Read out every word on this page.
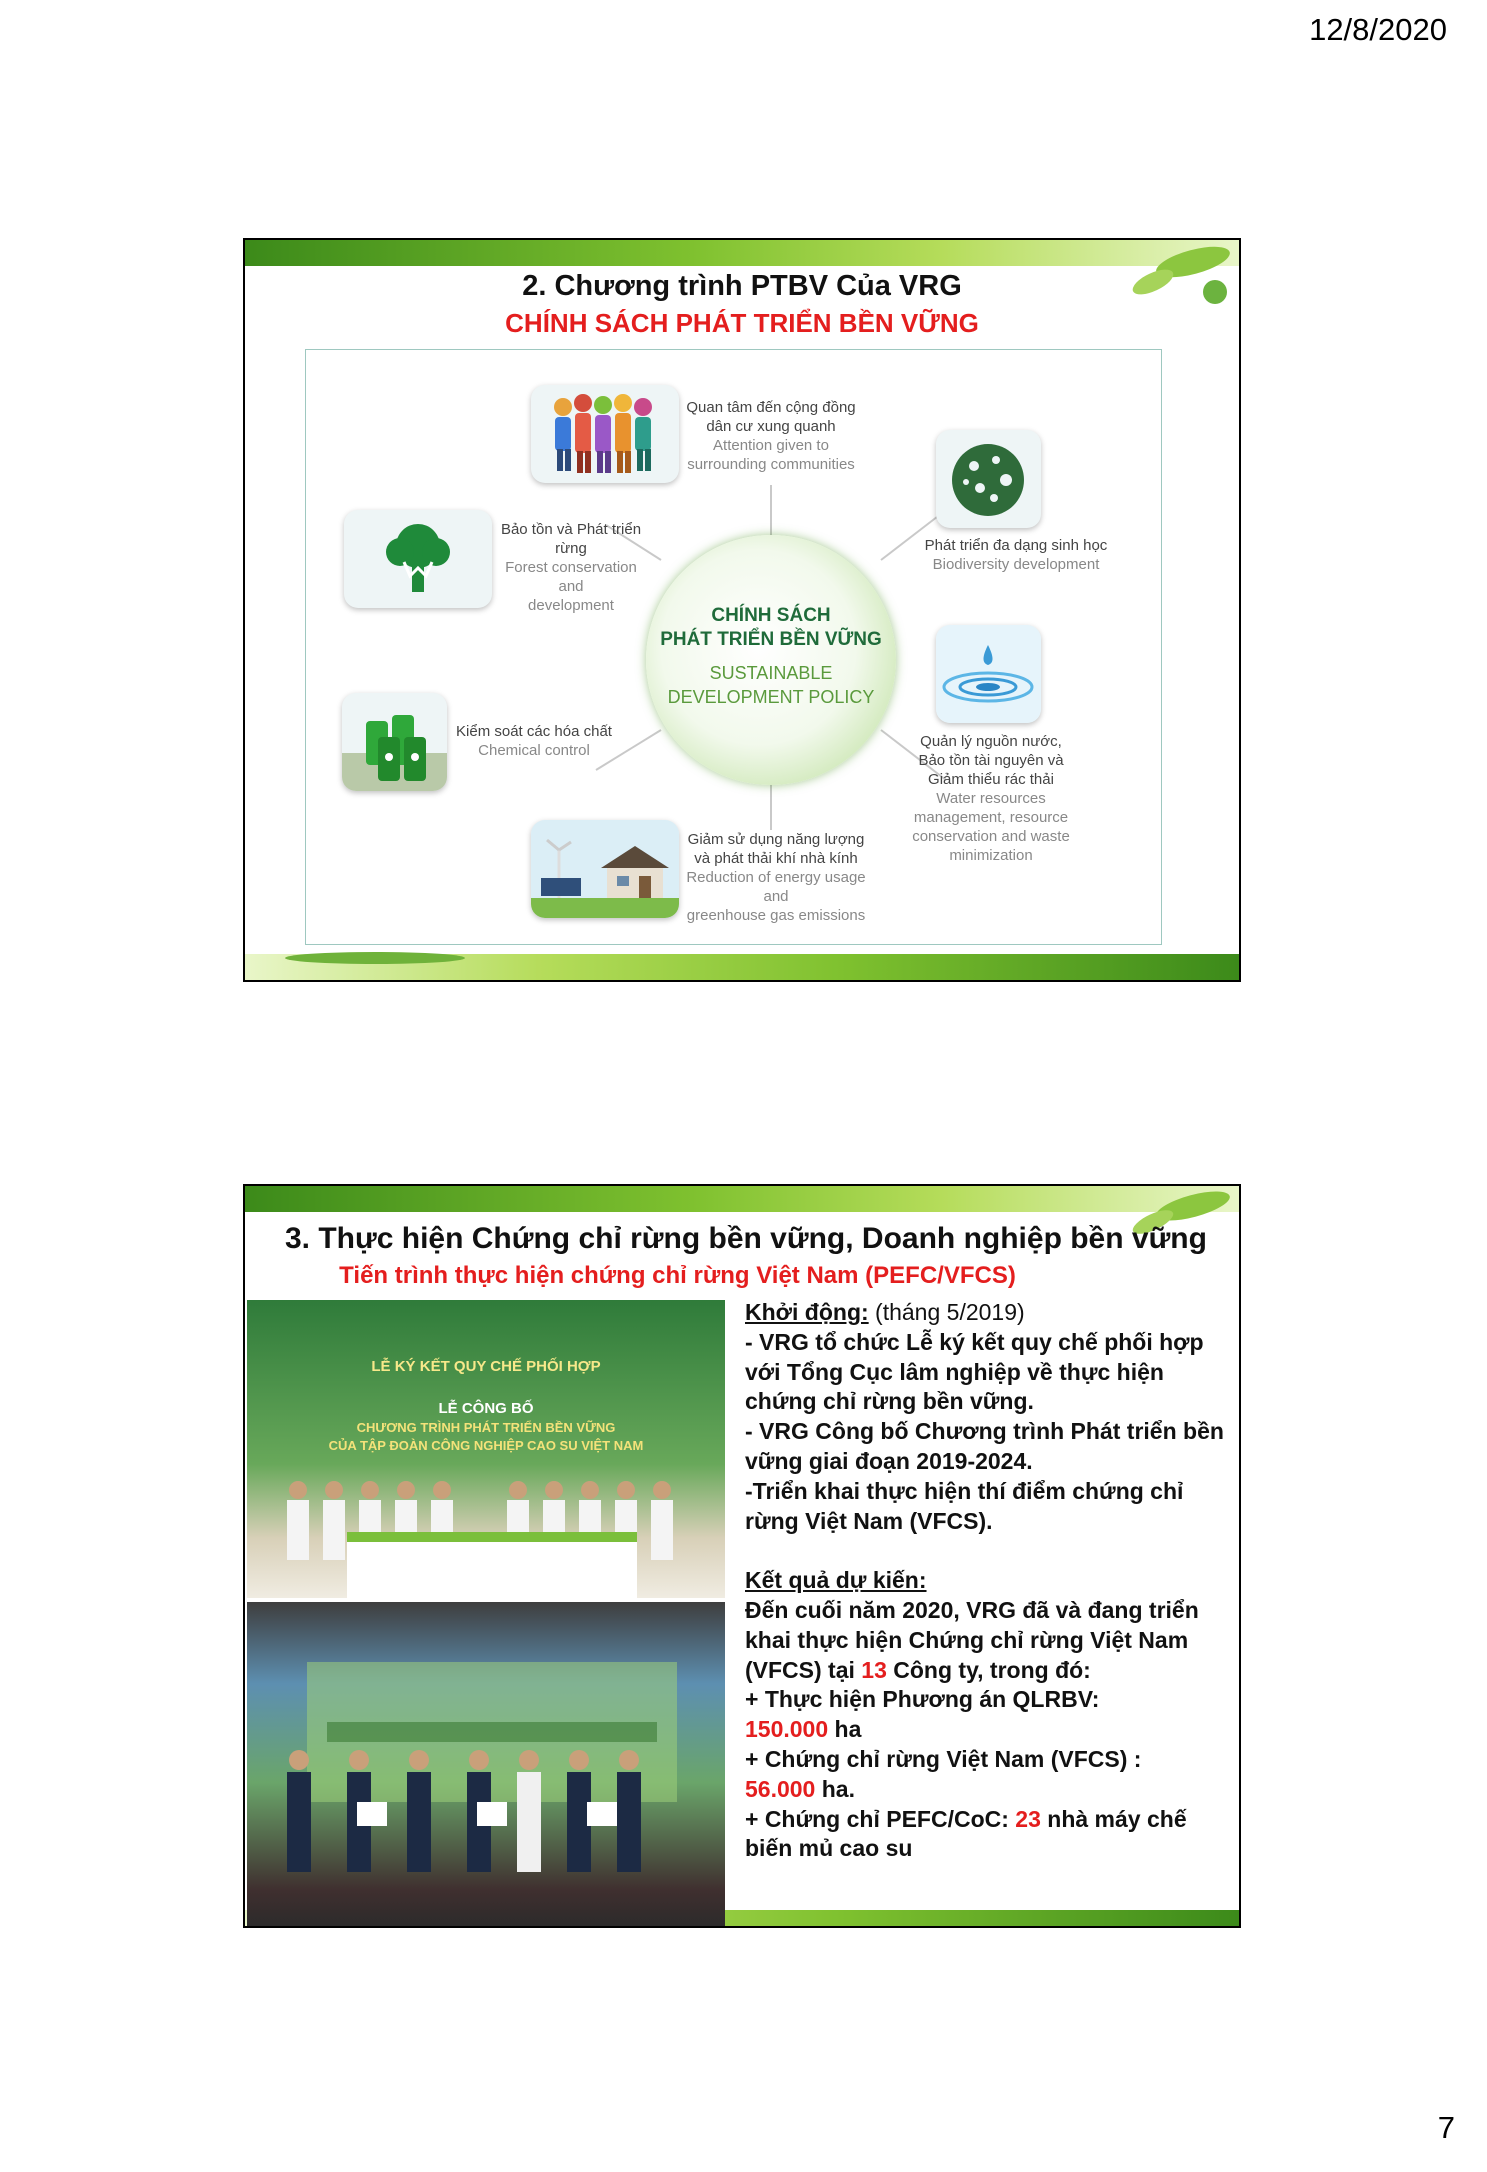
12/8/2020
2. Chương trình PTBV Của VRG
CHÍNH SÁCH PHÁT TRIỂN BỀN VỮNG
Quan tâm đến cộng đồng
dân cư xung quanh
Attention given to
surrounding communities
Bảo tồn và Phát triển rừng
Forest conservation and
development
Phát triển đa dạng sinh học
Biodiversity development
Kiểm soát các hóa chất
Chemical control
Quản lý nguồn nước,
Bảo tồn tài nguyên và
Giảm thiểu rác thải
Water resources
management, resource
conservation and waste
minimization
Giảm sử dụng năng lượng
và phát thải khí nhà kính
Reduction of energy usage and
greenhouse gas emissions
CHÍNH SÁCH
PHÁT TRIỂN BỀN VỮNG
SUSTAINABLE
DEVELOPMENT POLICY
3. Thực hiện Chứng chỉ rừng bền vững, Doanh nghiệp bền vững
Tiến trình thực hiện chứng chỉ rừng Việt Nam (PEFC/VFCS)
LỄ KÝ KẾT QUY CHẾ PHỐI HỢP
LỄ CÔNG BỐ
CHƯƠNG TRÌNH PHÁT TRIỂN BỀN VỮNG
CỦA TẬP ĐOÀN CÔNG NGHIỆP CAO SU VIỆT NAM
Khởi động: (tháng 5/2019)
- VRG tổ chức Lễ ký kết quy chế phối hợp với Tổng Cục lâm nghiệp về thực hiện chứng chỉ rừng bền vững.
- VRG Công bố Chương trình Phát triển bền vững giai đoạn 2019-2024.
-Triển khai thực hiện thí điểm chứng chỉ rừng Việt Nam (VFCS).

Kết quả dự kiến:
Đến cuối năm 2020, VRG đã và đang triển khai thực hiện Chứng chỉ rừng Việt Nam (VFCS) tại 13 Công ty, trong đó:
+ Thực hiện Phương án QLRBV:
150.000 ha
+ Chứng chỉ rừng Việt Nam (VFCS) :
56.000 ha.
+ Chứng chỉ PEFC/CoC: 23 nhà máy chế biến mủ cao su
7
